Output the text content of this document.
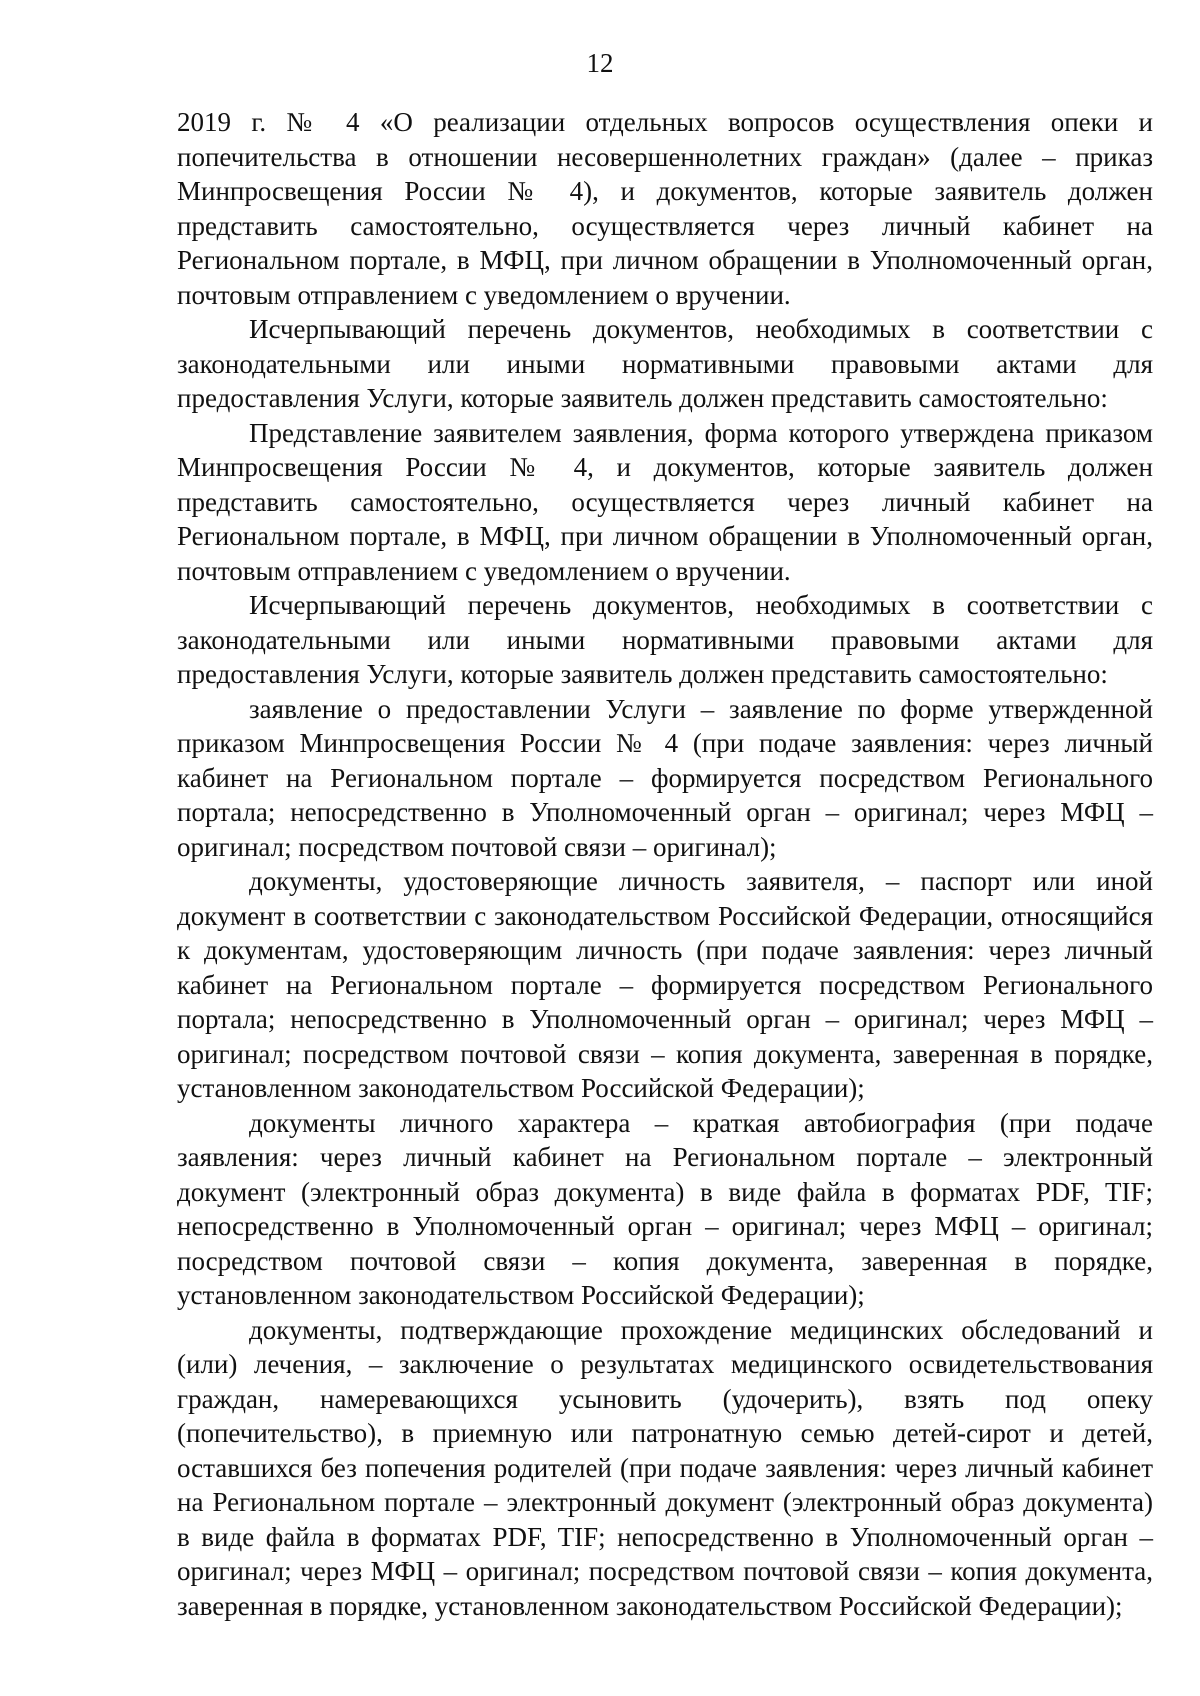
12

2019 г. № 4 «О реализации отдельных вопросов осуществления опеки и попечительства в отношении несовершеннолетних граждан» (далее – приказ Минпросвещения России № 4), и документов, которые заявитель должен представить самостоятельно, осуществляется через личный кабинет на Региональном портале, в МФЦ, при личном обращении в Уполномоченный орган, почтовым отправлением с уведомлением о вручении.

Исчерпывающий перечень документов, необходимых в соответствии с законодательными или иными нормативными правовыми актами для предоставления Услуги, которые заявитель должен представить самостоятельно:

Представление заявителем заявления, форма которого утверждена приказом Минпросвещения России № 4, и документов, которые заявитель должен представить самостоятельно, осуществляется через личный кабинет на Региональном портале, в МФЦ, при личном обращении в Уполномоченный орган, почтовым отправлением с уведомлением о вручении.

Исчерпывающий перечень документов, необходимых в соответствии с законодательными или иными нормативными правовыми актами для предоставления Услуги, которые заявитель должен представить самостоятельно:

заявление о предоставлении Услуги – заявление по форме утвержденной приказом Минпросвещения России № 4 (при подаче заявления: через личный кабинет на Региональном портале – формируется посредством Регионального портала; непосредственно в Уполномоченный орган – оригинал; через МФЦ – оригинал; посредством почтовой связи – оригинал);

документы, удостоверяющие личность заявителя, – паспорт или иной документ в соответствии с законодательством Российской Федерации, относящийся к документам, удостоверяющим личность (при подаче заявления: через личный кабинет на Региональном портале – формируется посредством Регионального портала; непосредственно в Уполномоченный орган – оригинал; через МФЦ – оригинал; посредством почтовой связи – копия документа, заверенная в порядке, установленном законодательством Российской Федерации);

документы личного характера – краткая автобиография (при подаче заявления: через личный кабинет на Региональном портале – электронный документ (электронный образ документа) в виде файла в форматах PDF, TIF; непосредственно в Уполномоченный орган – оригинал; через МФЦ – оригинал; посредством почтовой связи – копия документа, заверенная в порядке, установленном законодательством Российской Федерации);

документы, подтверждающие прохождение медицинских обследований и (или) лечения, – заключение о результатах медицинского освидетельствования граждан, намеревающихся усыновить (удочерить), взять под опеку (попечительство), в приемную или патронатную семью детей-сирот и детей, оставшихся без попечения родителей (при подаче заявления: через личный кабинет на Региональном портале – электронный документ (электронный образ документа) в виде файла в форматах PDF, TIF; непосредственно в Уполномоченный орган – оригинал; через МФЦ – оригинал; посредством почтовой связи – копия документа, заверенная в порядке, установленном законодательством Российской Федерации);
